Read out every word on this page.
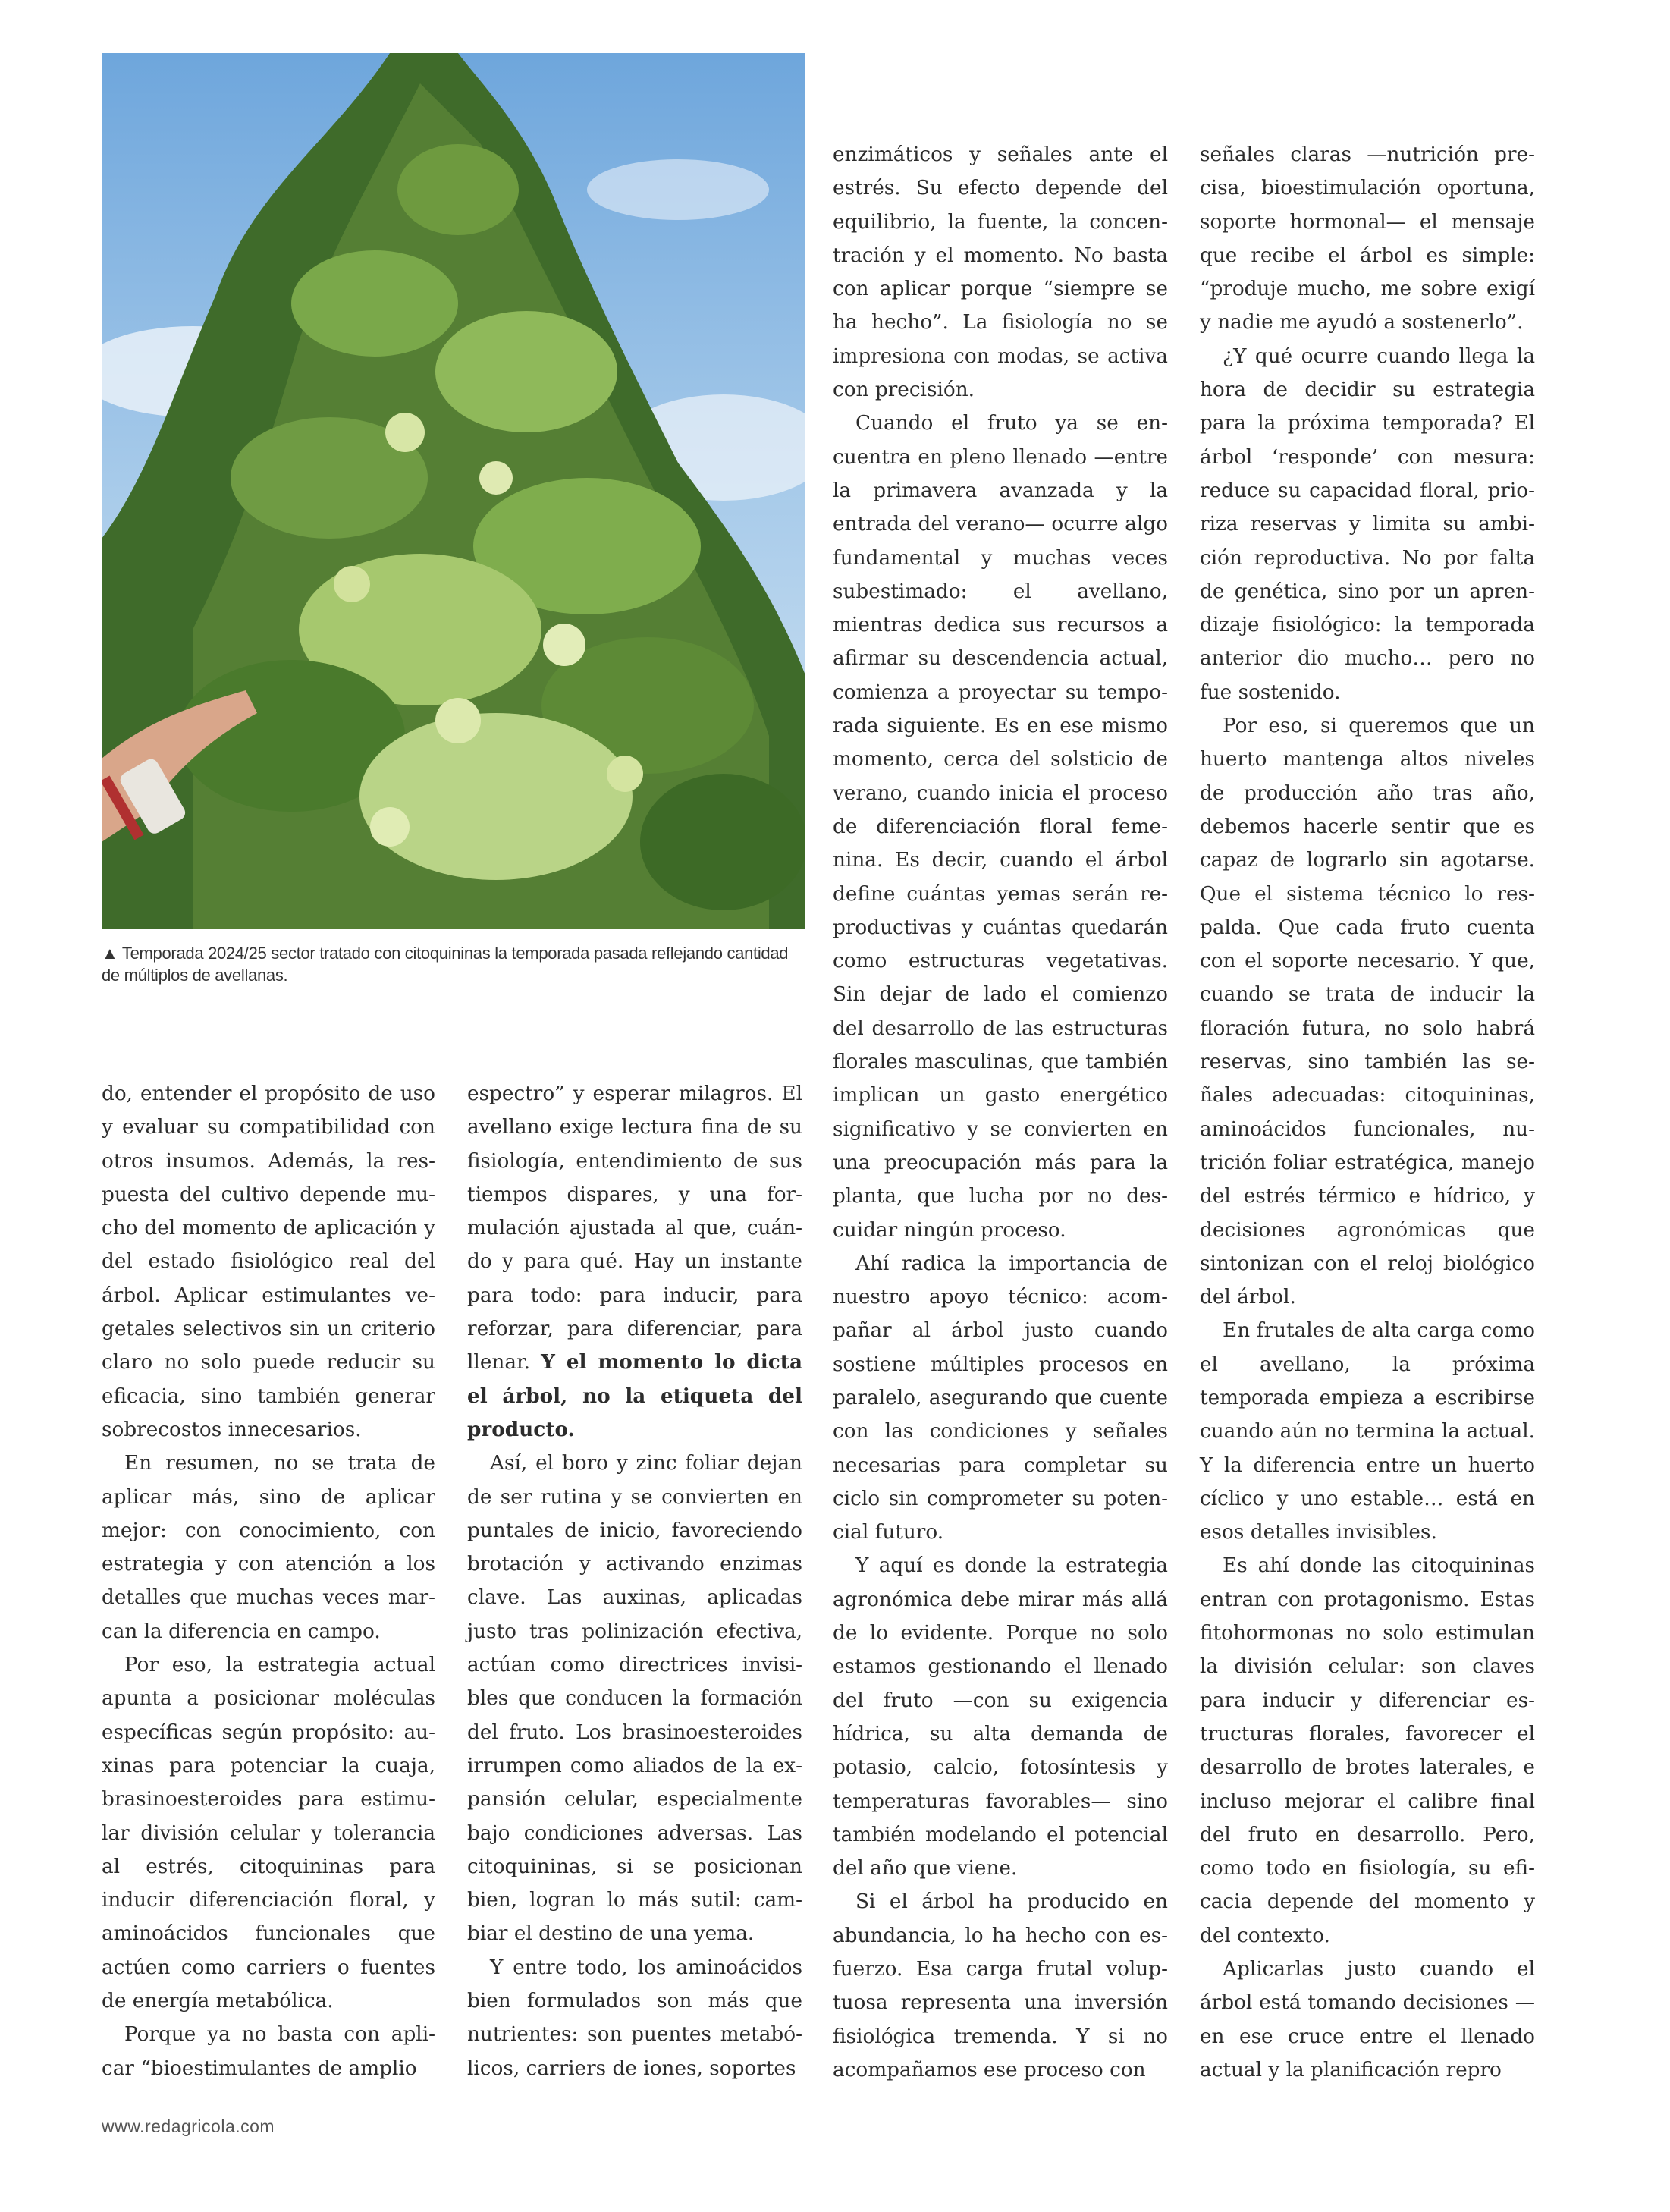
▲ Temporada 2024/25 sector tratado con citoquininas la temporada pasada reflejando cantidad de múltiplos de avellanas.

do, entender el propósito de uso y evaluar su compatibilidad con otros insumos. Además, la respuesta del cultivo depende mucho del momento de aplicación y del estado fisiológico real del árbol. Aplicar estimulantes vegetales selectivos sin un criterio claro no solo puede reducir su eficacia, sino también generar sobrecostos innecesarios.

En resumen, no se trata de aplicar más, sino de aplicar mejor: con conocimiento, con estrategia y con atención a los detalles que muchas veces marcan la diferencia en campo.

Por eso, la estrategia actual apunta a posicionar moléculas específicas según propósito: auxinas para potenciar la cuaja, brasinoesteroides para estimular división celular y tolerancia al estrés, citoquininas para inducir diferenciación floral, y aminoácidos funcionales que actúen como carriers o fuentes de energía metabólica.

Porque ya no basta con aplicar “bioestimulantes de amplio

espectro” y esperar milagros. El avellano exige lectura fina de su fisiología, entendimiento de sus tiempos dispares, y una formulación ajustada al que, cuándo y para qué. Hay un instante para todo: para inducir, para reforzar, para diferenciar, para llenar. Y el momento lo dicta el árbol, no la etiqueta del producto.

Así, el boro y zinc foliar dejan de ser rutina y se convierten en puntales de inicio, favoreciendo brotación y activando enzimas clave. Las auxinas, aplicadas justo tras polinización efectiva, actúan como directrices invisibles que conducen la formación del fruto. Los brasinoesteroides irrumpen como aliados de la expansión celular, especialmente bajo condiciones adversas. Las citoquininas, si se posicionan bien, logran lo más sutil: cambiar el destino de una yema.

Y entre todo, los aminoácidos bien formulados son más que nutrientes: son puentes metabólicos, carriers de iones, soportes

enzimáticos y señales ante el estrés. Su efecto depende del equilibrio, la fuente, la concentración y el momento. No basta con aplicar porque “siempre se ha hecho”. La fisiología no se impresiona con modas, se activa con precisión.

Cuando el fruto ya se encuentra en pleno llenado —entre la primavera avanzada y la entrada del verano— ocurre algo fundamental y muchas veces subestimado: el avellano, mientras dedica sus recursos a afirmar su descendencia actual, comienza a proyectar su temporada siguiente. Es en ese mismo momento, cerca del solsticio de verano, cuando inicia el proceso de diferenciación floral femenina. Es decir, cuando el árbol define cuántas yemas serán reproductivas y cuántas quedarán como estructuras vegetativas. Sin dejar de lado el comienzo del desarrollo de las estructuras florales masculinas, que también implican un gasto energético significativo y se convierten en una preocupación más para la planta, que lucha por no descuidar ningún proceso.

Ahí radica la importancia de nuestro apoyo técnico: acompañar al árbol justo cuando sostiene múltiples procesos en paralelo, asegurando que cuente con las condiciones y señales necesarias para completar su ciclo sin comprometer su potencial futuro.

Y aquí es donde la estrategia agronómica debe mirar más allá de lo evidente. Porque no solo estamos gestionando el llenado del fruto —con su exigencia hídrica, su alta demanda de potasio, calcio, fotosíntesis y temperaturas favorables— sino también modelando el potencial del año que viene.

Si el árbol ha producido en abundancia, lo ha hecho con esfuerzo. Esa carga frutal voluptuosa representa una inversión fisiológica tremenda. Y si no acompañamos ese proceso con

señales claras —nutrición precisa, bioestimulación oportuna, soporte hormonal— el mensaje que recibe el árbol es simple: “produje mucho, me sobre exigí y nadie me ayudó a sostenerlo”.

¿Y qué ocurre cuando llega la hora de decidir su estrategia para la próxima temporada? El árbol ‘responde’ con mesura: reduce su capacidad floral, prioriza reservas y limita su ambición reproductiva. No por falta de genética, sino por un aprendizaje fisiológico: la temporada anterior dio mucho… pero no fue sostenido.

Por eso, si queremos que un huerto mantenga altos niveles de producción año tras año, debemos hacerle sentir que es capaz de lograrlo sin agotarse. Que el sistema técnico lo respalda. Que cada fruto cuenta con el soporte necesario. Y que, cuando se trata de inducir la floración futura, no solo habrá reservas, sino también las señales adecuadas: citoquininas, aminoácidos funcionales, nutrición foliar estratégica, manejo del estrés térmico e hídrico, y decisiones agronómicas que sintonizan con el reloj biológico del árbol.

En frutales de alta carga como el avellano, la próxima temporada empieza a escribirse cuando aún no termina la actual. Y la diferencia entre un huerto cíclico y uno estable… está en esos detalles invisibles.

Es ahí donde las citoquininas entran con protagonismo. Estas fitohormonas no solo estimulan la división celular: son claves para inducir y diferenciar estructuras florales, favorecer el desarrollo de brotes laterales, e incluso mejorar el calibre final del fruto en desarrollo. Pero, como todo en fisiología, su eficacia depende del momento y del contexto.

Aplicarlas justo cuando el árbol está tomando decisiones —en ese cruce entre el llenado actual y la planificación repro

www.redagricola.com
